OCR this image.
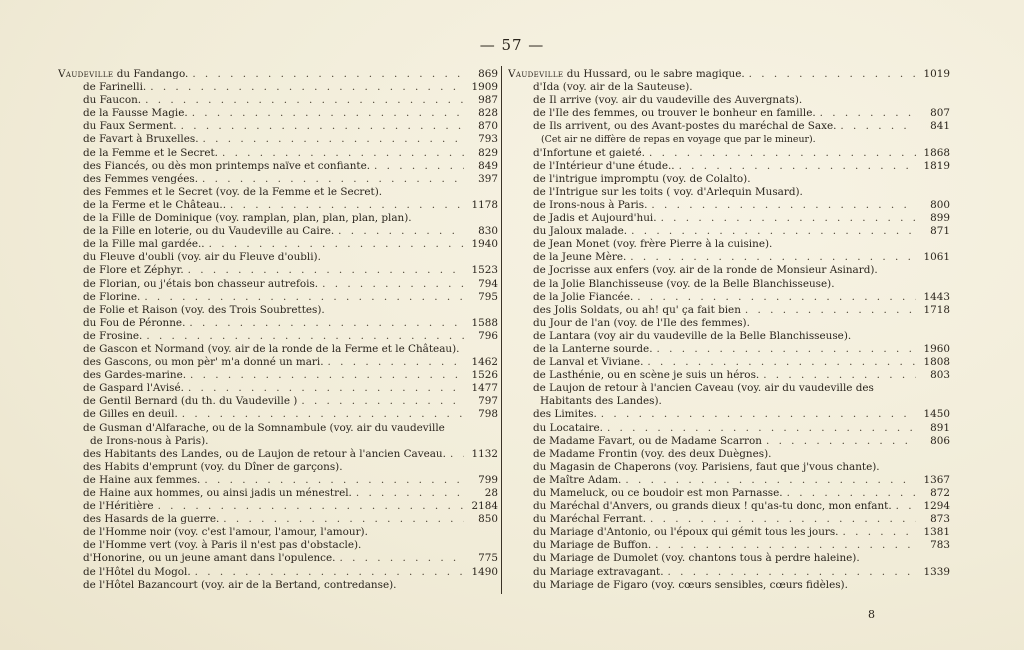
— 57 —
Vaudeville du Fandango. . . .	869
de Farinelli. . . .	1909
du Faucon. . . .	987
de la Fausse Magie. . . .	828
du Faux Serment. . . .	870
de Favart à Bruxelles. . . .	793
de la Femme et le Secret. . . .	829
des Fiancés, ou dès mon printemps naïve et confiante. . . .	849
des Femmes vengées. . . .	397
des Femmes et le Secret (voy. de la Femme et le Secret).
de la Ferme et le Château.. . . .	1178
de la Fille de Dominique (voy. ramplan, plan, plan, plan, plan).
de la Fille en loterie, ou du Vaudeville au Caire. . . .	830
de la Fille mal gardée.. . . .	1940
du Fleuve d'oubli (voy. air du Fleuve d'oubli).
de Flore et Zéphyr. . . .	1523
de Florian, ou j'étais bon chasseur autrefois. . . .	794
de Florine. . . .	795
de Folie et Raison (voy. des Trois Soubrettes).
du Fou de Péronne. . . .	1588
de Frosine. . . .	796
de Gascon et Normand (voy. air de la ronde de la Ferme et le Château).
des Gascons, ou mon pèr' m'a donné un mari. . . .	1462
des Gardes-marine. . . .	1526
de Gaspard l'Avisé. . . .	1477
de Gentil Bernard (du th. du Vaudeville ) . . .	797
de Gilles en deuil. . . .	798
de Gusman d'Alfarache, ou de la Somnambule (voy. air du vaudeville
de Irons-nous à Paris).
des Habitants des Landes, ou de Laujon de retour à l'ancien Caveau. . . .	1132
des Habits d'emprunt (voy. du Dîner de garçons).
de Haine aux femmes. . . .	799
de Haine aux hommes, ou ainsi jadis un ménestrel. . . .	28
de l'Héritière . . .	2184
des Hasards de la guerre. . . .	850
de l'Homme noir (voy. c'est l'amour, l'amour, l'amour).
de l'Homme vert (voy. à Paris il n'est pas d'obstacle).
d'Honorine, ou un jeune amant dans l'opulence. . . .	775
de l'Hôtel du Mogol. . . .	1490
de l'Hôtel Bazancourt (voy. air de la Bertand, contredanse).
Vaudeville du Hussard, ou le sabre magique. . . .	1019
d'Ida (voy. air de la Sauteuse).
de Il arrive (voy. air du vaudeville des Auvergnats).
de l'Ile des femmes, ou trouver le bonheur en famille. . . .	807
de Ils arrivent, ou des Avant-postes du maréchal de Saxe. . . .	841
(Cet air ne diffère de repas en voyage que par le mineur).
d'Infortune et gaieté. . . .	1868
de l'Intérieur d'une étude.. . . .	1819
de l'intrigue impromptu (voy. de Colalto).
de l'Intrigue sur les toits ( voy. d'Arlequin Musard).
de Irons-nous à Paris. . . .	800
de Jadis et Aujourd'hui. . . .	899
du Jaloux malade. . . .	871
de Jean Monet (voy. frère Pierre à la cuisine).
de la Jeune Mère. . . .	1061
de Jocrisse aux enfers (voy. air de la ronde de Monsieur Asinard).
de la Jolie Blanchisseuse (voy. de la Belle Blanchisseuse).
de la Jolie Fiancée. . . .	1443
des Jolis Soldats, ou ah! qu' ça fait bien . . .	1718
du Jour de l'an (voy. de l'Ile des femmes).
de Lantara (voy air du vaudeville de la Belle Blanchisseuse).
de la Lanterne sourde. . . .	1960
de Lanval et Viviane. . . .	1808
de Lasthénie, ou en scène je suis un héros. . . .	803
de Laujon de retour à l'ancien Caveau (voy. air du vaudeville des
Habitants des Landes).
des Limites. . . .	1450
du Locataire. . . .	891
de Madame Favart, ou de Madame Scarron . . .	806
de Madame Frontin (voy. des deux Duègnes).
du Magasin de Chaperons (voy. Parisiens, faut que j'vous chante).
de Maître Adam. . . .	1367
du Mameluck, ou ce boudoir est mon Parnasse. . . .	872
du Maréchal d'Anvers, ou grands dieux ! qu'as-tu donc, mon enfant. . . .	1294
du Maréchal Ferrant. . . .	873
du Mariage d'Antonio, ou l'époux qui gémit tous les jours. . . .	1381
du Mariage de Buffon. . . .	783
du Mariage de Dumolet (voy. chantons tous à perdre haleine).
du Mariage extravagant. . . .	1339
du Mariage de Figaro (voy. cœurs sensibles, cœurs fidèles).
8
